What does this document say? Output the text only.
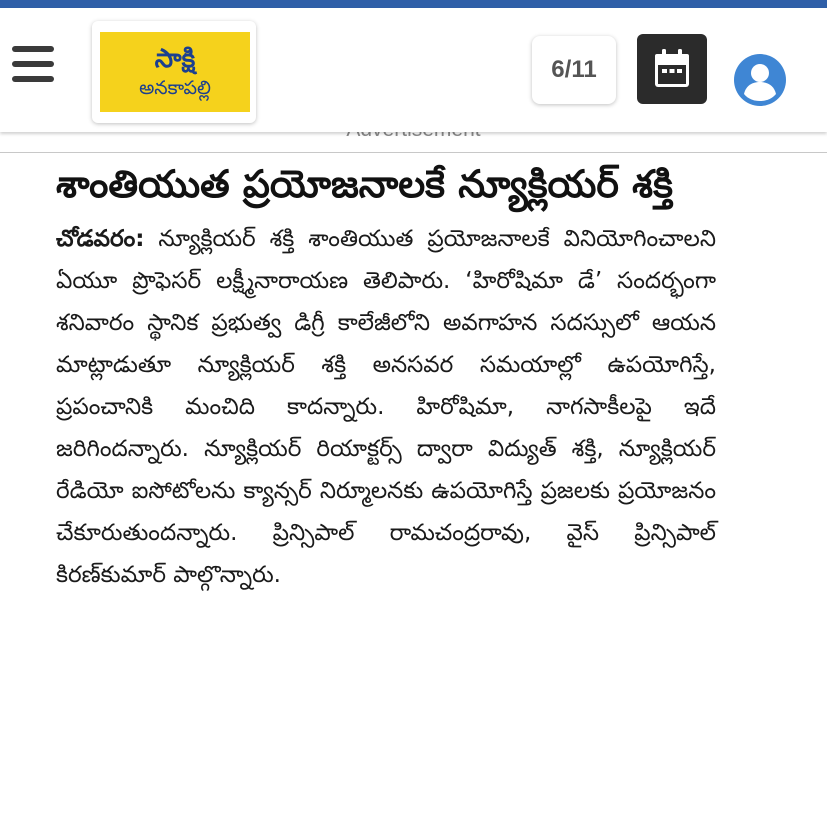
సాక్షి
అనకాపల్లి
6/11
శాంతియుత ప్రయోజనాలకే న్యూక్లియర్ శక్తి

చోడవరం: న్యూక్లియర్ శక్తి శాంతియుత ప్రయోజనాలకే వినియోగించాలని ఏయూ ప్రొఫెసర్ లక్ష్మీనారాయణ తెలిపారు. ‘హిరోషిమా డే’ సందర్భంగా శనివారం స్థానిక ప్రభుత్వ డిగ్రీ కాలేజీలోని అవగాహన సదస్సులో ఆయన మాట్లాడుతూ న్యూక్లియర్ శక్తి అనసవర సమయాల్లో ఉపయోగిస్తే, ప్రపంచానికి మంచిది కాదన్నారు. హిరోషిమా, నాగసాకీలపై ఇదే జరిగిందన్నారు. న్యూక్లియర్ రియాక్టర్స్ ద్వారా విద్యుత్ శక్తి, న్యూక్లియర్ రేడియో ఐసోటోలను క్యాన్సర్ నిర్మూలనకు ఉపయోగిస్తే ప్రజలకు ప్రయోజనం చేకూరుతుందన్నారు. ప్రిన్సిపాల్ రామచంద్రరావు, వైస్ ప్రిన్సిపాల్ కిరణ్‌కుమార్ పాల్గొన్నారు.
